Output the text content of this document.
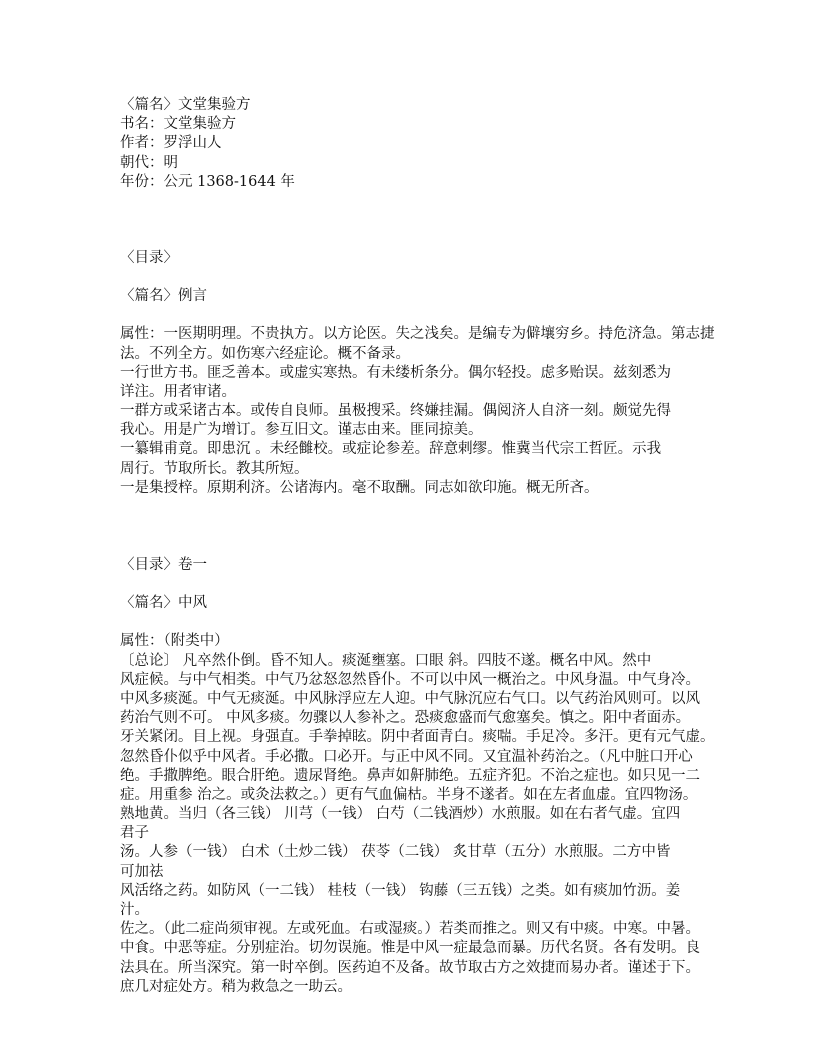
〈篇名〉文堂集验方
书名：文堂集验方
作者：罗浮山人
朝代：明
年份：公元 1368-1644 年
〈目录〉
〈篇名〉例言
属性：一医期明理。不贵执方。以方论医。失之浅矣。是编专为僻壤穷乡。持危济急。第志捷
法。不列全方。如伤寒六经症论。概不备录。
一行世方书。匪乏善本。或虚实寒热。有未缕析条分。偶尔轻投。虑多贻误。兹刻悉为
详注。用者审诸。
一群方或采诸古本。或传自良师。虽极搜采。终嫌挂漏。偶阅济人自济一刻。颇觉先得
我心。用是广为增订。参互旧文。谨志由来。匪同掠美。
一纂辑甫竟。即患沉 。未经雠校。或症论参差。辞意剌缪。惟冀当代宗工哲匠。示我
周行。节取所长。教其所短。
一是集授梓。原期利济。公诸海内。毫不取酬。同志如欲印施。概无所吝。
〈目录〉卷一
〈篇名〉中风
属性：（附类中）
〔总论〕 凡卒然仆倒。昏不知人。痰涎壅塞。口眼 斜。四肢不遂。概名中风。然中
风症候。与中气相类。中气乃忿怒忽然昏仆。不可以中风一概治之。中风身温。中气身冷。
中风多痰涎。中气无痰涎。中风脉浮应左人迎。中气脉沉应右气口。以气药治风则可。以风
药治气则不可。 中风多痰。勿骤以人参补之。恐痰愈盛而气愈塞矣。慎之。阳中者面赤。
牙关紧闭。目上视。身强直。手拳掉眩。阴中者面青白。痰喘。手足冷。多汗。更有元气虚。
忽然昏仆似乎中风者。手必撒。口必开。与正中风不同。又宜温补药治之。（凡中脏口开心
绝。手撒脾绝。眼合肝绝。遗尿肾绝。鼻声如鼾肺绝。五症齐犯。不治之症也。如只见一二
症。用重参 治之。或灸法救之。）更有气血偏枯。半身不遂者。如在左者血虚。宜四物汤。
熟地黄。当归（各三钱） 川芎（一钱） 白芍（二钱酒炒）水煎服。如在右者气虚。宜四
君子
汤。人参（一钱） 白术（土炒二钱） 茯苓（二钱） 炙甘草（五分）水煎服。二方中皆
可加祛
风活络之药。如防风（一二钱） 桂枝（一钱） 钩藤（三五钱）之类。如有痰加竹沥。姜
汁。
佐之。（此二症尚须审视。左或死血。右或湿痰。）若类而推之。则又有中痰。中寒。中暑。
中食。中恶等症。分别症治。切勿误施。惟是中风一症最急而暴。历代名贤。各有发明。良
法具在。所当深究。第一时卒倒。医药迫不及备。故节取古方之效捷而易办者。谨述于下。
庶几对症处方。稍为救急之一助云。
